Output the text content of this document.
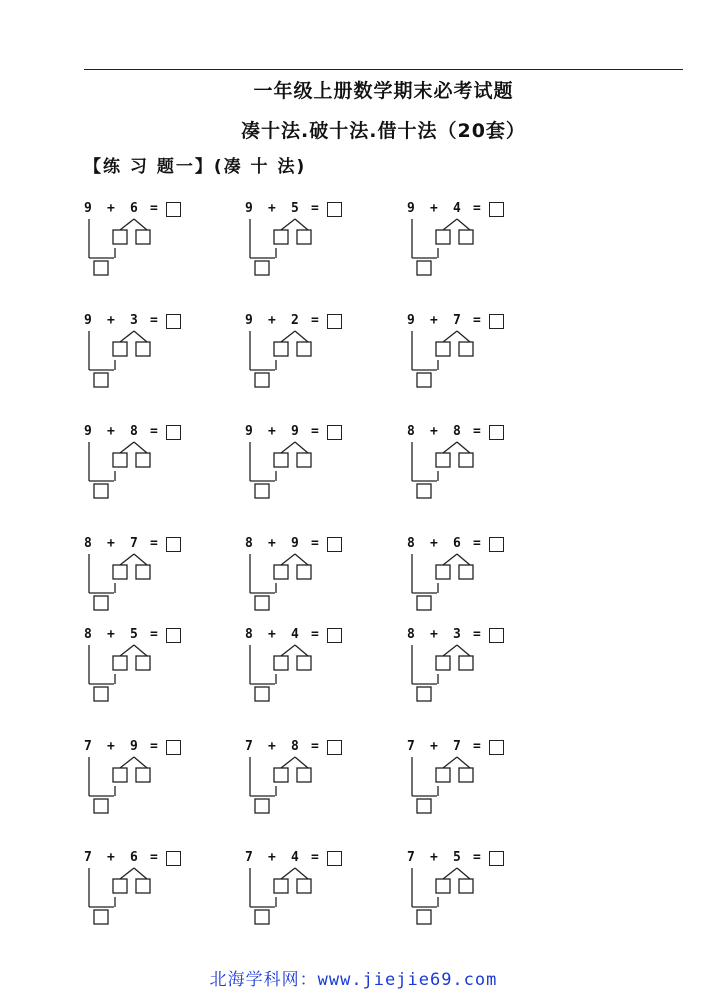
一年级上册数学期末必考试题
凑十法.破十法.借十法（20套）
【练 习 题一】(凑 十 法)
9 + 6 =	9 + 5 =	9 + 4 =
9 + 3 =	9 + 2 =	9 + 7 =
9 + 8 =	9 + 9 =	8 + 8 =
8 + 7 =	8 + 9 =	8 + 6 =
8 + 5 =	8 + 4 =	8 + 3 =
7 + 9 =	7 + 8 =	7 + 7 =
7 + 6 =	7 + 4 =	7 + 5 =
北海学科网：www.jiejie69.com
